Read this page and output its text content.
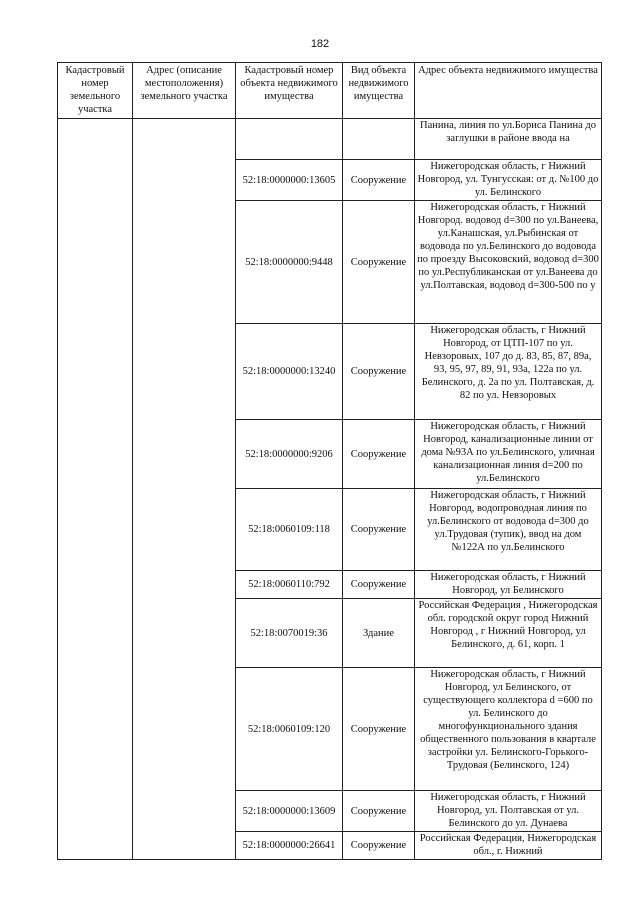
182
Кадастровый номер земельного участка	Адрес (описание местоположения) земельного участка	Кадастровый номер объекта недвижимого имущества	Вид объекта недвижимого имущества	Адрес объекта недвижимого имущества
				Панина, линия по ул.Бориса Панина до заглушки в районе ввода на
		52:18:0000000:13605	Сооружение	Нижегородская область, г Нижний Новгород, ул. Тунгусская: от д. №100 до ул. Белинского
		52:18:0000000:9448	Сооружение	Нижегородская область, г Нижний Новгород. водовод d=300 по ул.Ванеева, ул.Канашская, ул.Рыбинская от водовода по ул.Белинского до водовода по проезду Высоковский, водовод d=300 по ул.Республиканская от ул.Ванеева до ул.Полтавская, водовод d=300-500 по у
		52:18:0000000:13240	Сооружение	Нижегородская область, г Нижний Новгород, от ЦТП-107 по ул. Невзоровых, 107 до д. 83, 85, 87, 89а, 93, 95, 97, 89, 91, 93а, 122а по ул. Белинского, д. 2а по ул. Полтавская, д. 82 по ул. Невзоровых
		52:18:0000000:9206	Сооружение	Нижегородская область, г Нижний Новгород, канализационные линии от дома №93А по ул.Белинского, уличная канализационная линия d=200 по ул.Белинского
		52:18:0060109:118	Сооружение	Нижегородская область, г Нижний Новгород, водопроводная линия по ул.Белинского от водовода d=300 до ул.Трудовая (тупик), ввод на дом №122А по ул.Белинского
		52:18:0060110:792	Сооружение	Нижегородская область, г Нижний Новгород, ул Белинского
		52:18:0070019:36	Здание	Российская Федерация , Нижегородская обл. городской округ город Нижний Новгород , г Нижний Новгород, ул Белинского, д. 61, корп. 1
		52:18:0060109:120	Сооружение	Нижегородская область, г Нижний Новгород, ул Белинского, от существующего коллектора d =600 по ул. Белинского до многофункционального здания общественного пользования в квартале застройки ул. Белинского-Горького-Трудовая (Белинского, 124)
		52:18:0000000:13609	Сооружение	Нижегородская область, г Нижний Новгород, ул. Полтавская от ул. Белинского до ул. Дунаева
		52:18:0000000:26641	Сооружение	Российская Федерация, Нижегородская обл., г. Нижний
